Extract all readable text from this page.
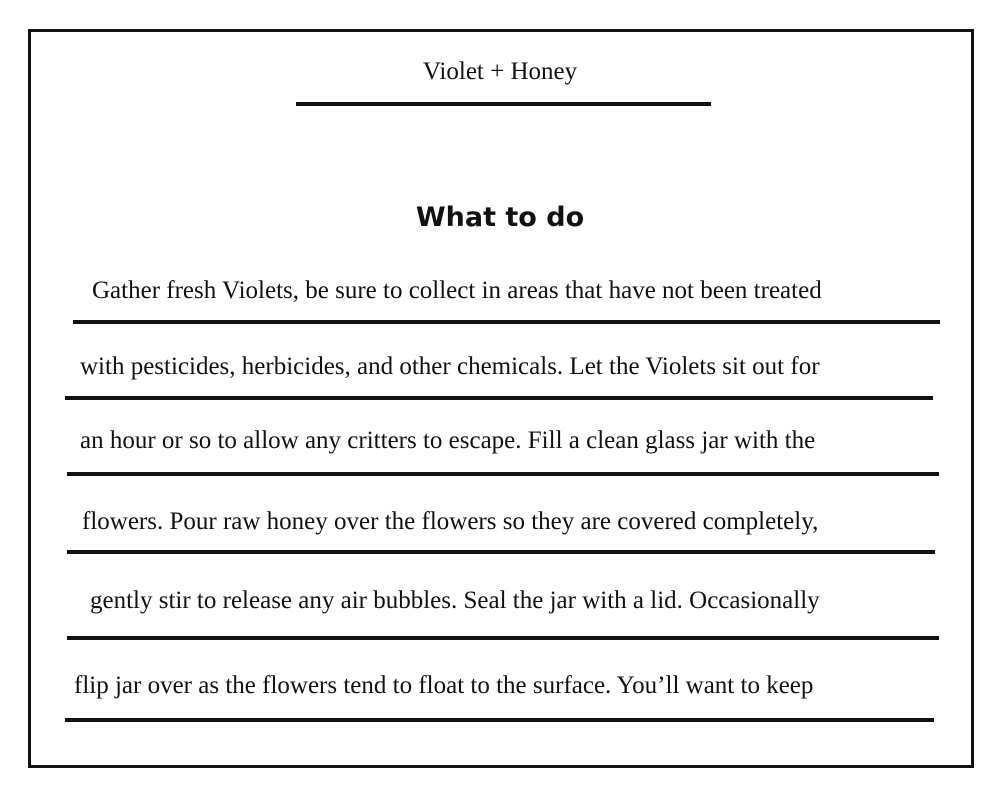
Violet + Honey
What to do
Gather fresh Violets, be sure to collect in areas that have not been treated
with pesticides, herbicides, and other chemicals. Let the Violets sit out for
an hour or so to allow any critters to escape. Fill a clean glass jar with the
flowers. Pour raw honey over the flowers so they are covered completely,
gently stir to release any air bubbles. Seal the jar with a lid. Occasionally
flip jar over as the flowers tend to float to the surface. You’ll want to keep
